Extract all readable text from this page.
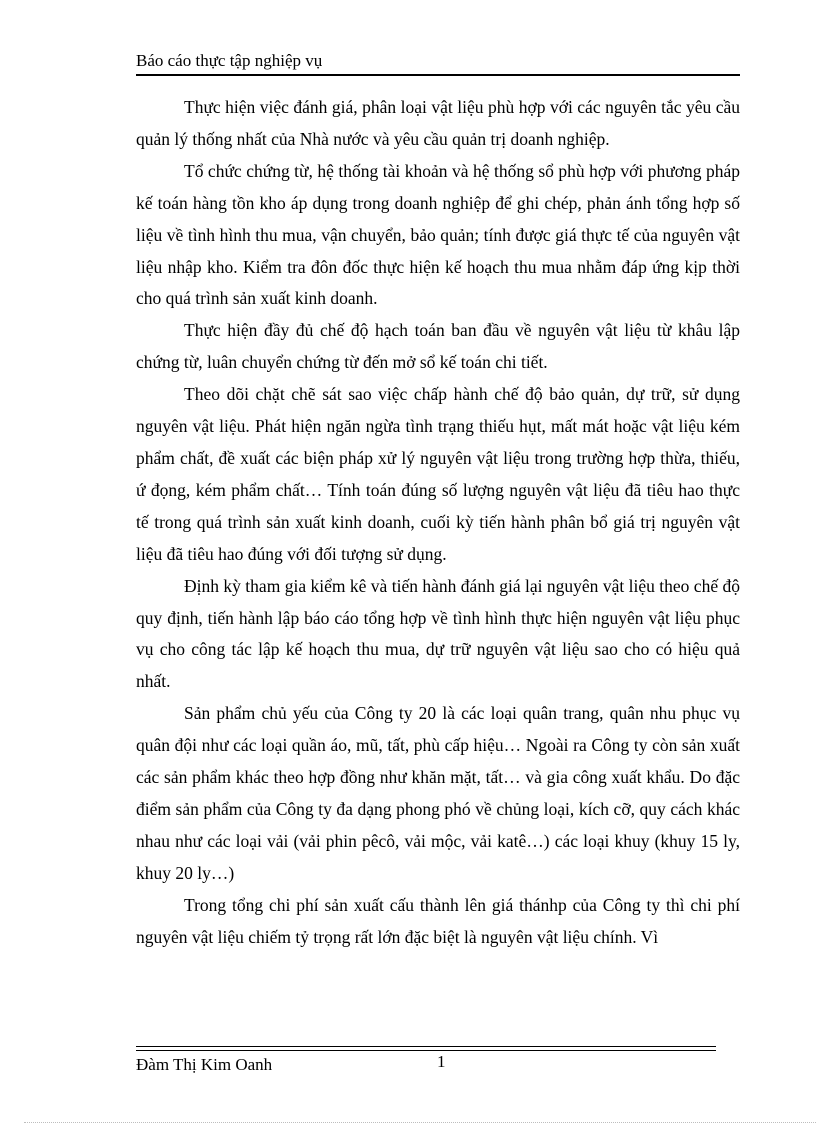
Báo cáo thực tập nghiệp vụ

Thực hiện việc đánh giá, phân loại vật liệu phù hợp với các nguyên tắc yêu cầu quản lý thống nhất của Nhà nước và yêu cầu quản trị doanh nghiệp.

Tổ chức chứng từ, hệ thống tài khoản và hệ thống sổ phù hợp với phương pháp kế toán hàng tồn kho áp dụng trong doanh nghiệp để ghi chép, phản ánh tổng hợp số liệu về tình hình thu mua, vận chuyển, bảo quản; tính được giá thực tế của nguyên vật liệu nhập kho. Kiểm tra đôn đốc thực hiện kế hoạch thu mua nhằm đáp ứng kịp thời cho quá trình sản xuất kinh doanh.

Thực hiện đầy đủ chế độ hạch toán ban đầu về nguyên vật liệu từ khâu lập chứng từ, luân chuyển chứng từ đến mở sổ kế toán chi tiết.

Theo dõi chặt chẽ sát sao việc chấp hành chế độ bảo quản, dự trữ, sử dụng nguyên vật liệu. Phát hiện ngăn ngừa tình trạng thiếu hụt, mất mát hoặc vật liệu kém phẩm chất, đề xuất các biện pháp xử lý nguyên vật liệu trong trường hợp thừa, thiếu, ứ đọng, kém phẩm chất… Tính toán đúng số lượng nguyên vật liệu đã tiêu hao thực tế trong quá trình sản xuất kinh doanh, cuối kỳ tiến hành phân bổ giá trị nguyên vật liệu đã tiêu hao đúng với đối tượng sử dụng.

Định kỳ tham gia kiểm kê và tiến hành đánh giá lại nguyên vật liệu theo chế độ quy định, tiến hành lập báo cáo tổng hợp về tình hình thực hiện nguyên vật liệu phục vụ cho công tác lập kế hoạch thu mua, dự trữ nguyên vật liệu sao cho có hiệu quả nhất.

Sản phẩm chủ yếu của Công ty 20 là các loại quân trang, quân nhu phục vụ quân đội như các loại quần áo, mũ, tất, phù cấp hiệu… Ngoài ra Công ty còn sản xuất các sản phẩm khác theo hợp đồng như khăn mặt, tất… và gia công xuất khẩu. Do đặc điểm sản phẩm của Công ty đa dạng phong phó về chủng loại, kích cỡ, quy cách khác nhau như các loại vải (vải phin pêcô, vải mộc, vải katê…) các loại khuy (khuy 15 ly, khuy 20 ly…)

Trong tổng chi phí sản xuất cấu thành lên giá thánhp của Công ty thì chi phí nguyên vật liệu chiếm tỷ trọng rất lớn đặc biệt là nguyên vật liệu chính. Vì

Đàm Thị Kim Oanh	1
